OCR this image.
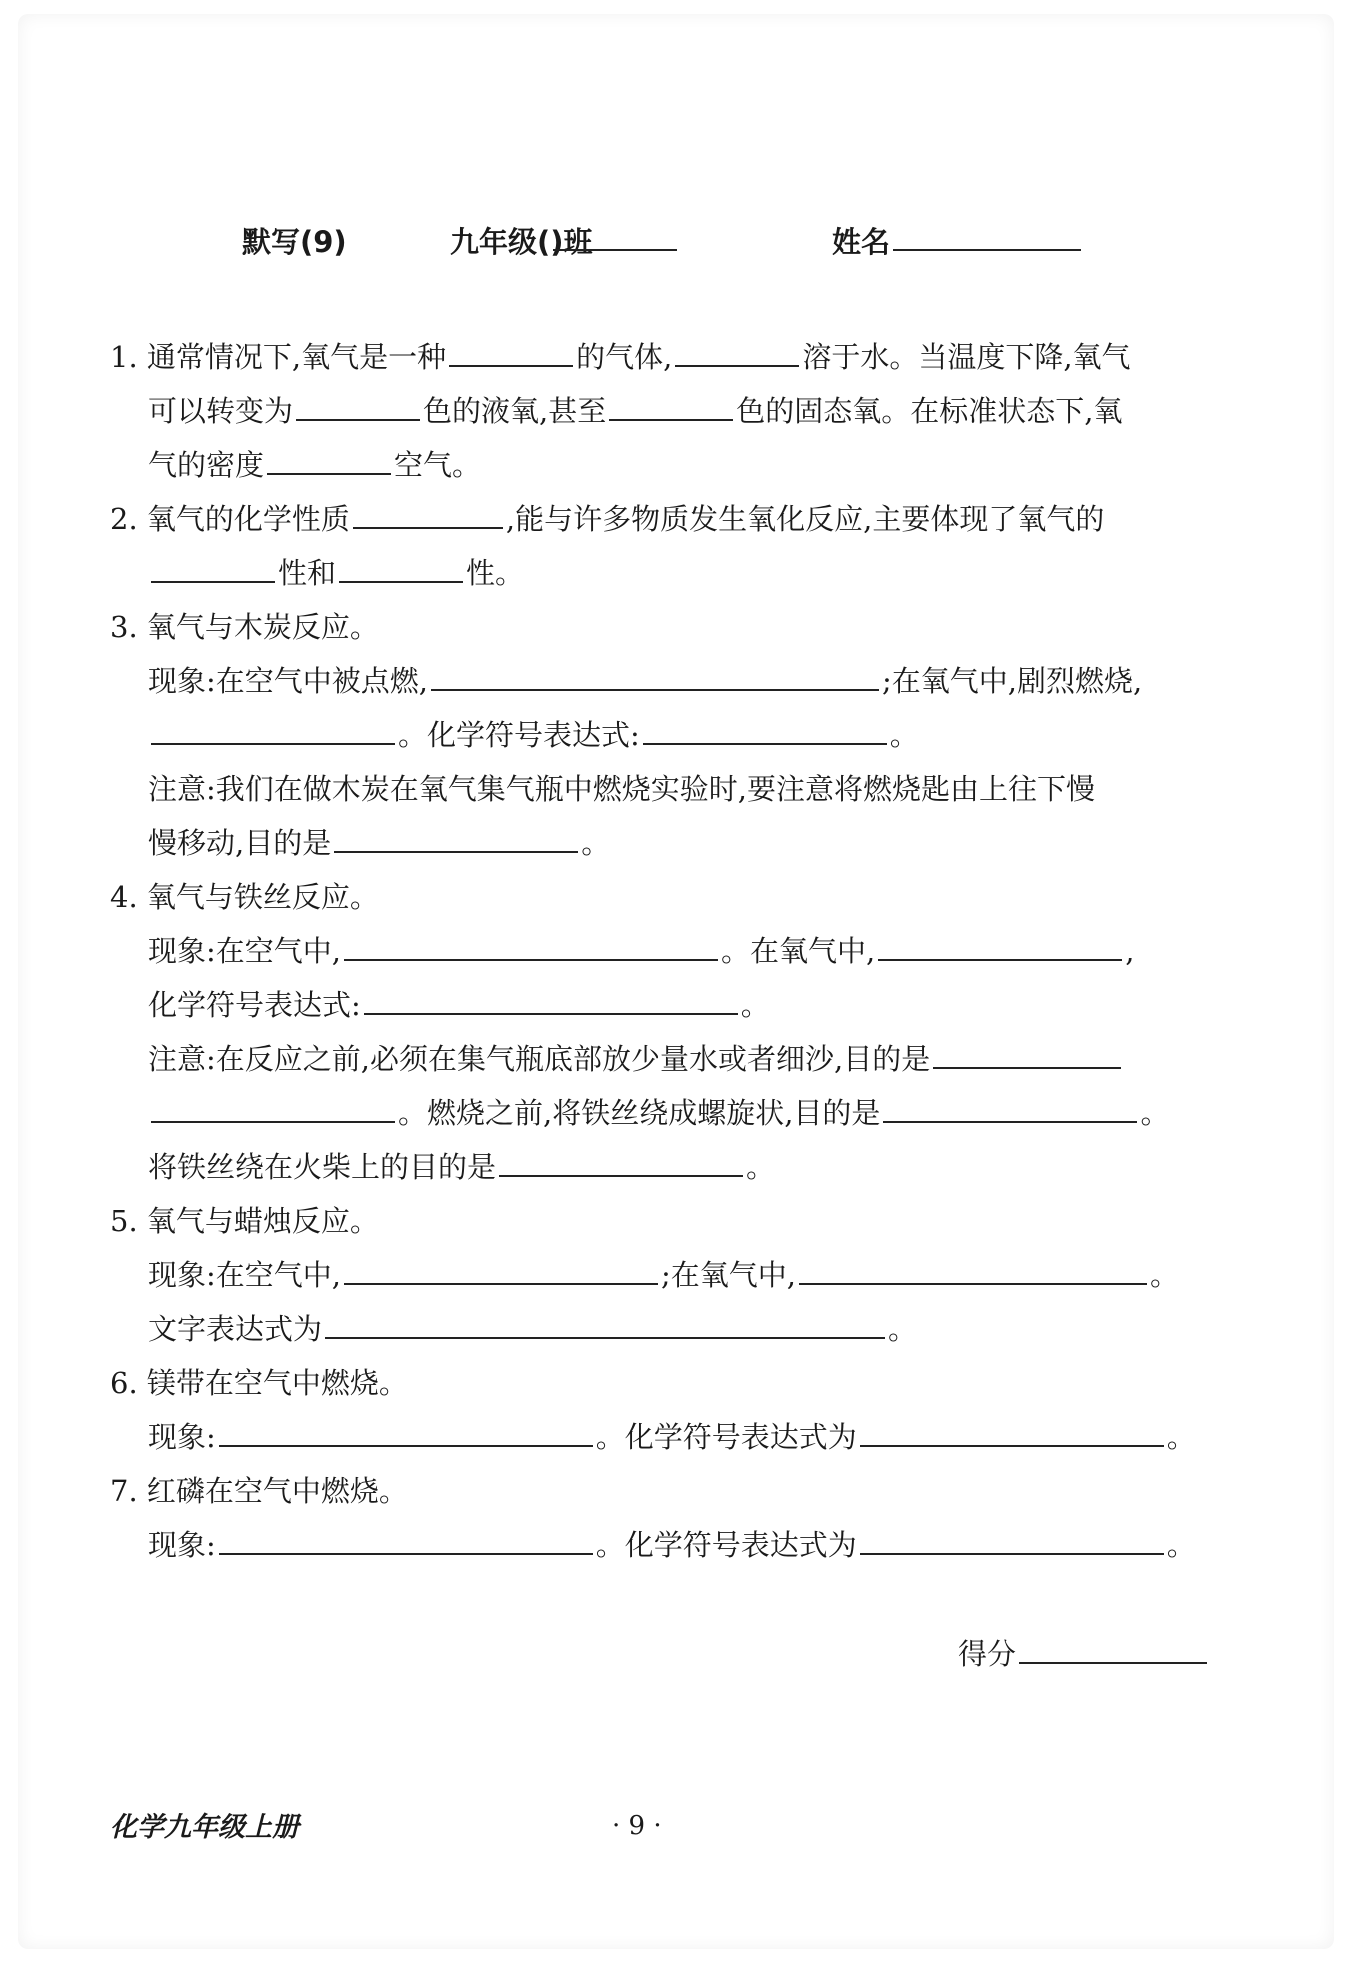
默写(9)	九年级(
)班	姓名
1. 通常情况下,氧气是一种	的气体,	溶于水。当温度下降,氧气
可以转变为	色的液氧,甚至	色的固态氧。在标准状态下,氧
气的密度	空气。
2. 氧气的化学性质	,能与许多物质发生氧化反应,主要体现了氧气的
性和	性。
3. 氧气与木炭反应。
现象:在空气中被点燃,	;在氧气中,剧烈燃烧,
。化学符号表达式:	。
注意:我们在做木炭在氧气集气瓶中燃烧实验时,要注意将燃烧匙由上往下慢
慢移动,目的是	。
4. 氧气与铁丝反应。
现象:在空气中,	。在氧气中,	,
化学符号表达式:	。
注意:在反应之前,必须在集气瓶底部放少量水或者细沙,目的是
。燃烧之前,将铁丝绕成螺旋状,目的是	。
将铁丝绕在火柴上的目的是	。
5. 氧气与蜡烛反应。
现象:在空气中,	;在氧气中,	。
文字表达式为	。
6. 镁带在空气中燃烧。
现象:	。化学符号表达式为	。
7. 红磷在空气中燃烧。
现象:	。化学符号表达式为	。
得分
化学九年级上册	· 9 ·
